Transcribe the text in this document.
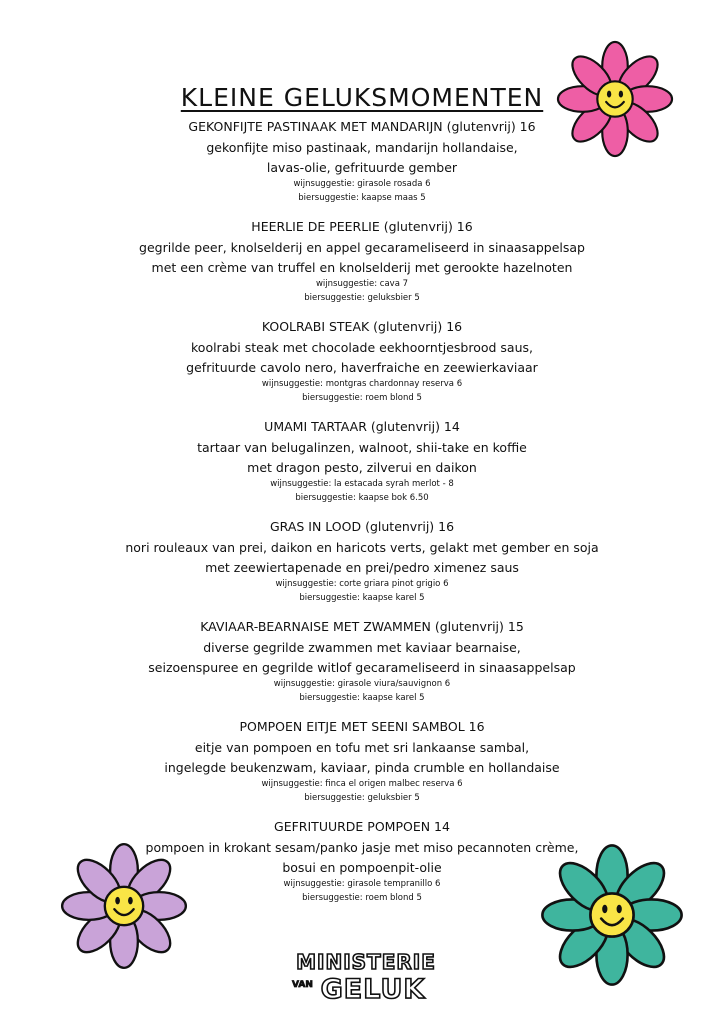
KLEINE GELUKSMOMENTEN
GEKONFIJTE PASTINAAK MET MANDARIJN (glutenvrij) 16
gekonfijte miso pastinaak, mandarijn hollandaise,
lavas-olie, gefrituurde gember
wijnsuggestie: girasole rosada 6
biersuggestie: kaapse maas 5
HEERLIE DE PEERLIE (glutenvrij) 16
gegrilde peer, knolselderij en appel gecarameliseerd in sinaasappelsap
met een crème van truffel en knolselderij met gerookte hazelnoten
wijnsuggestie: cava 7
biersuggestie: geluksbier 5
KOOLRABI STEAK (glutenvrij) 16
koolrabi steak met chocolade eekhoorntjesbrood saus,
gefrituurde cavolo nero, haverfraiche en zeewierkaviaar
wijnsuggestie: montgras chardonnay reserva 6
biersuggestie: roem blond 5
UMAMI TARTAAR (glutenvrij) 14
tartaar van belugalinzen, walnoot, shii-take en koffie
met dragon pesto, zilverui en daikon
wijnsuggestie: la estacada syrah merlot - 8
biersuggestie: kaapse bok 6.50
GRAS IN LOOD (glutenvrij) 16
nori rouleaux van prei, daikon en haricots verts, gelakt met gember en soja
met zeewiertapenade en prei/pedro ximenez saus
wijnsuggestie: corte griara pinot grigio 6
biersuggestie: kaapse karel 5
KAVIAAR-BEARNAISE MET ZWAMMEN (glutenvrij) 15
diverse gegrilde zwammen met kaviaar bearnaise,
seizoenspuree en gegrilde witlof gecarameliseerd in sinaasappelsap
wijnsuggestie: girasole viura/sauvignon 6
biersuggestie: kaapse karel 5
POMPOEN EITJE MET SEENI SAMBOL 16
eitje van pompoen en tofu met sri lankaanse sambal,
ingelegde beukenzwam, kaviaar, pinda crumble en hollandaise
wijnsuggestie: finca el origen malbec reserva 6
biersuggestie: geluksbier 5
GEFRITUURDE POMPOEN 14
pompoen in krokant sesam/panko jasje met miso pecannoten crème,
bosui en pompoenpit-olie
wijnsuggestie: girasole tempranillo 6
biersuggestie: roem blond 5
MINISTERIE
VAN GELUK
